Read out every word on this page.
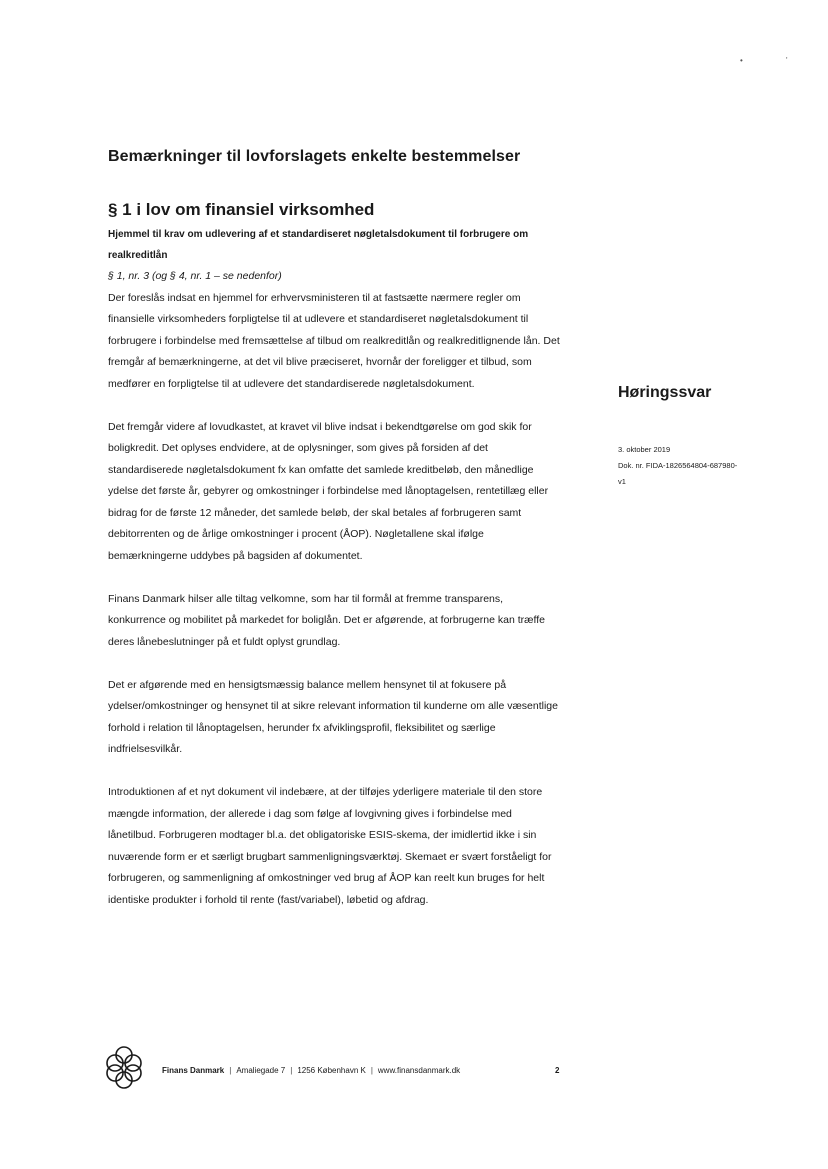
•	'
Bemærkninger til lovforslagets enkelte bestemmelser
§ 1 i lov om finansiel virksomhed

Hjemmel til krav om udlevering af et standardiseret nøgletalsdokument til forbrugere om realkreditlån

§ 1, nr. 3 (og § 4, nr. 1 – se nedenfor)

Der foreslås indsat en hjemmel for erhvervsministeren til at fastsætte nærmere regler om finansielle virksomheders forpligtelse til at udlevere et standardiseret nøgletalsdokument til forbrugere i forbindelse med fremsættelse af tilbud om realkreditlån og realkreditlignende lån. Det fremgår af bemærkningerne, at det vil blive præciseret, hvornår der foreligger et tilbud, som medfører en forpligtelse til at udlevere det standardiserede nøgletalsdokument.

Det fremgår videre af lovudkastet, at kravet vil blive indsat i bekendtgørelse om god skik for boligkredit. Det oplyses endvidere, at de oplysninger, som gives på forsiden af det standardiserede nøgletalsdokument fx kan omfatte det samlede kreditbeløb, den månedlige ydelse det første år, gebyrer og omkostninger i forbindelse med lånoptagelsen, rentetillæg eller bidrag for de første 12 måneder, det samlede beløb, der skal betales af forbrugeren samt debitorrenten og de årlige omkostninger i procent (ÅOP). Nøgletallene skal ifølge bemærkningerne uddybes på bagsiden af dokumentet.

Finans Danmark hilser alle tiltag velkomne, som har til formål at fremme transparens, konkurrence og mobilitet på markedet for boliglån. Det er afgørende, at forbrugerne kan træffe deres lånebeslutninger på et fuldt oplyst grundlag.

Det er afgørende med en hensigtsmæssig balance mellem hensynet til at fokusere på ydelser/omkostninger og hensynet til at sikre relevant information til kunderne om alle væsentlige forhold i relation til lånoptagelsen, herunder fx afviklingsprofil, fleksibilitet og særlige indfrielsesvilkår.

Introduktionen af et nyt dokument vil indebære, at der tilføjes yderligere materiale til den store mængde information, der allerede i dag som følge af lovgivning gives i forbindelse med lånetilbud. Forbrugeren modtager bl.a. det obligatoriske ESIS-skema, der imidlertid ikke i sin nuværende form er et særligt brugbart sammenligningsværktøj. Skemaet er svært forståeligt for forbrugeren, og sammenligning af omkostninger ved brug af ÅOP kan reelt kun bruges for helt identiske produkter i forhold til rente (fast/variabel), løbetid og afdrag.

Høringssvar

3. oktober 2019

Dok. nr. FIDA-1826564804-687980-

v1

Finans Danmark | Amaliegade 7 | 1256 København K | www.finansdanmark.dk	2
